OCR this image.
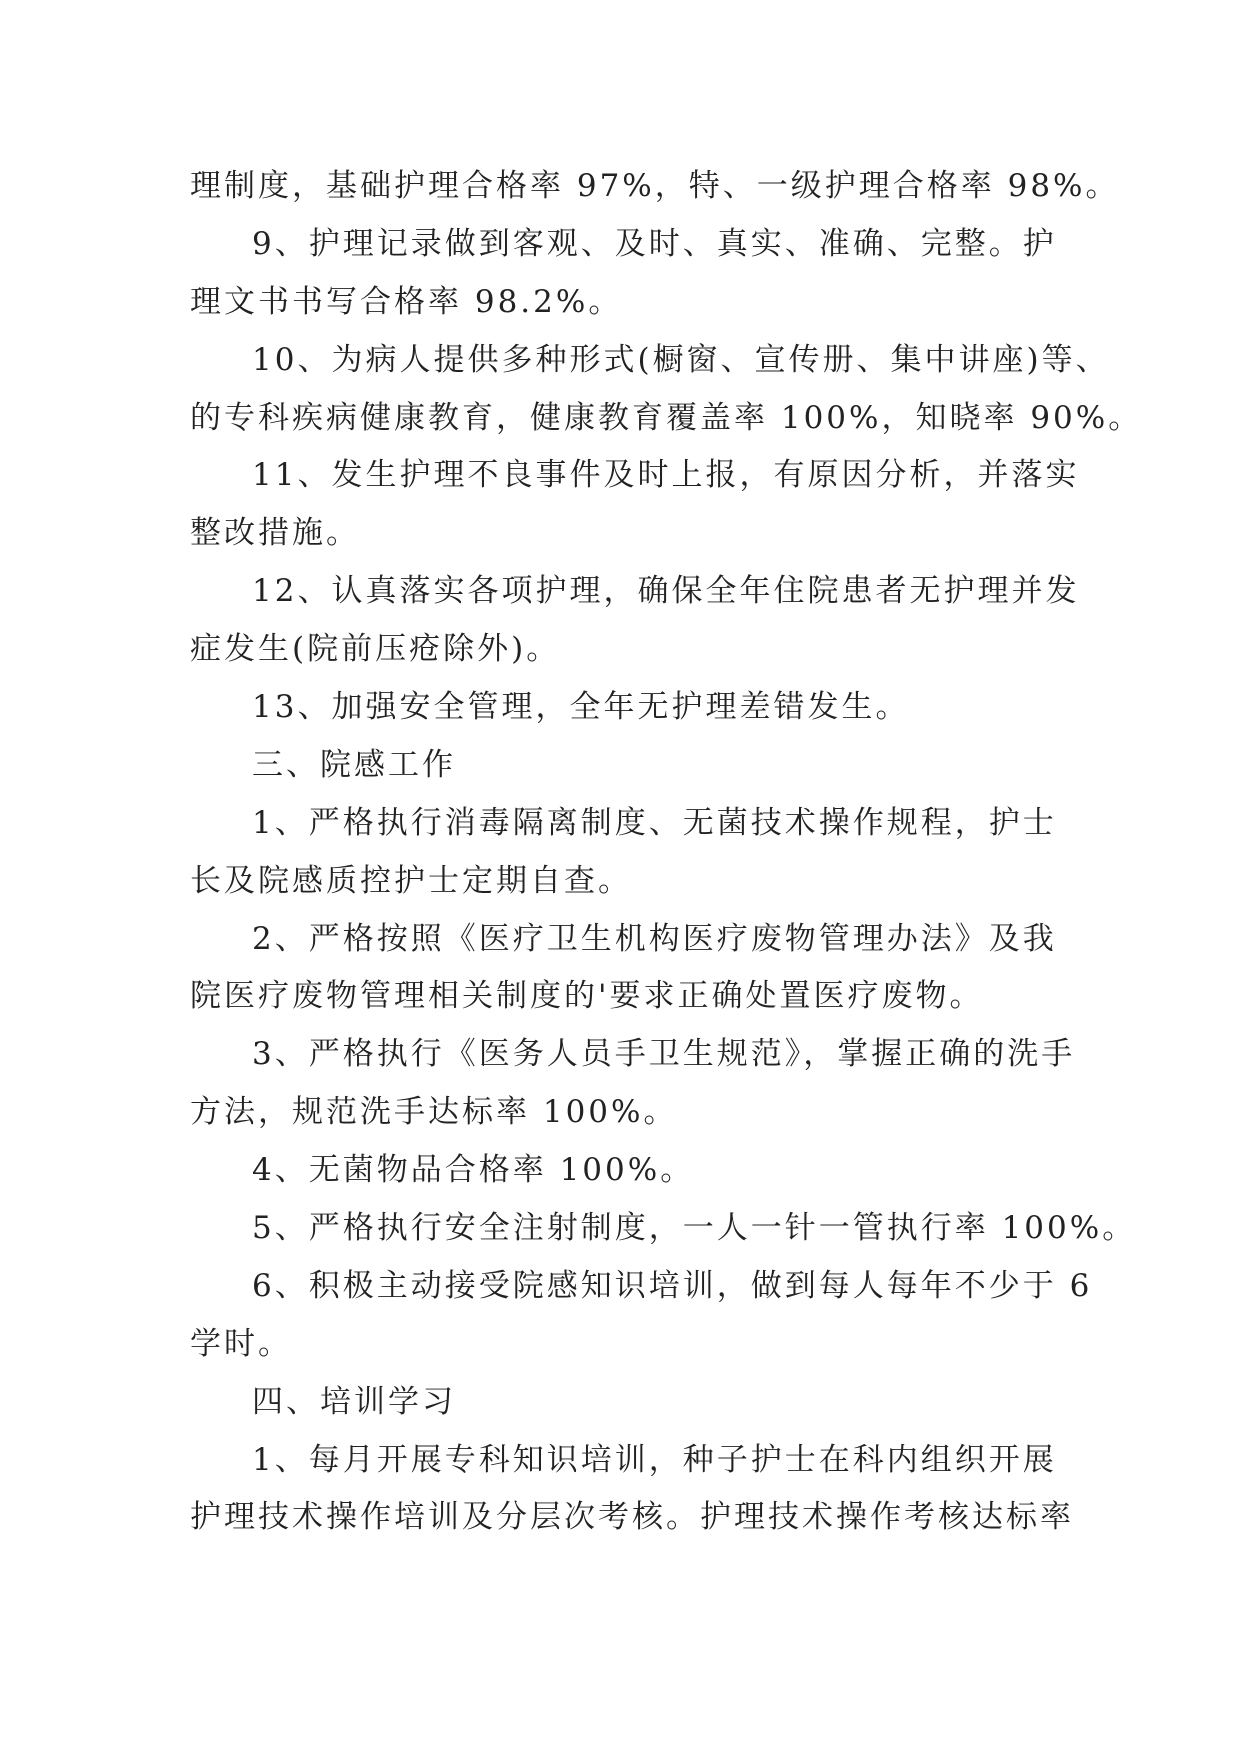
理制度，基础护理合格率 97%，特、一级护理合格率 98%。
9、护理记录做到客观、及时、真实、准确、完整。护
理文书书写合格率 98.2%。
10、为病人提供多种形式(橱窗、宣传册、集中讲座)等、
的专科疾病健康教育，健康教育覆盖率 100%，知晓率 90%。
11、发生护理不良事件及时上报，有原因分析，并落实
整改措施。
12、认真落实各项护理，确保全年住院患者无护理并发
症发生(院前压疮除外)。
13、加强安全管理，全年无护理差错发生。
三、院感工作
1、严格执行消毒隔离制度、无菌技术操作规程，护士
长及院感质控护士定期自查。
2、严格按照《医疗卫生机构医疗废物管理办法》及我
院医疗废物管理相关制度的'要求正确处置医疗废物。
3、严格执行《医务人员手卫生规范》，掌握正确的洗手
方法，规范洗手达标率 100%。
4、无菌物品合格率 100%。
5、严格执行安全注射制度，一人一针一管执行率 100%。
6、积极主动接受院感知识培训，做到每人每年不少于 6
学时。
四、培训学习
1、每月开展专科知识培训，种子护士在科内组织开展
护理技术操作培训及分层次考核。护理技术操作考核达标率
